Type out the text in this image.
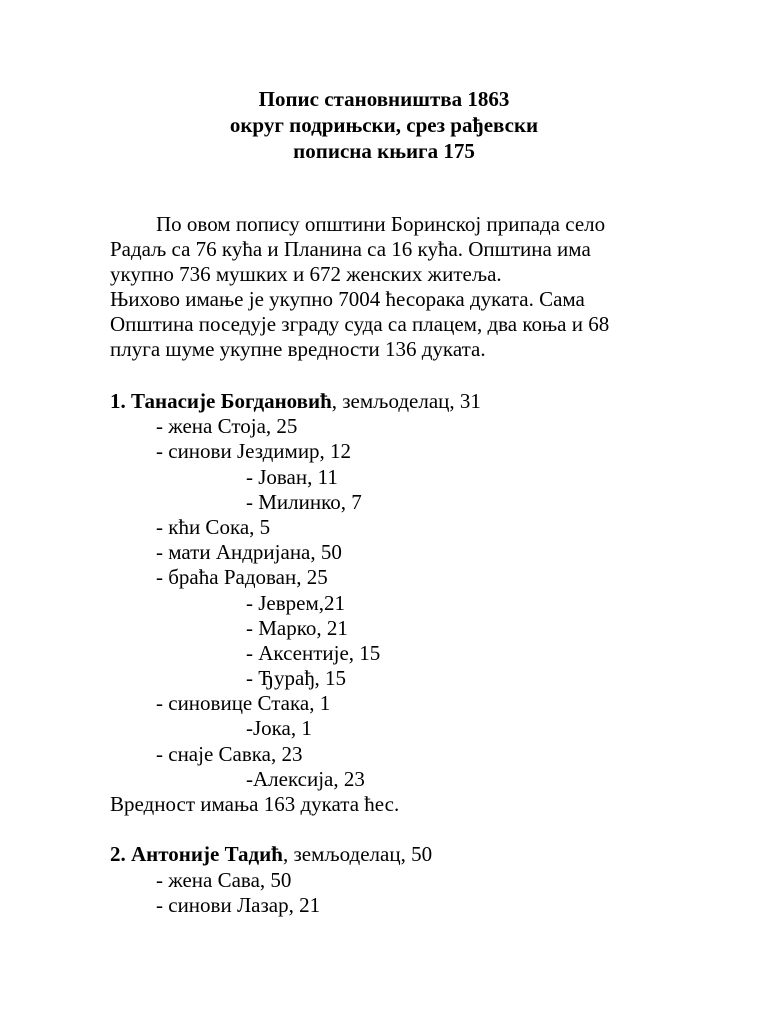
Попис становништва 1863
округ подрињски, срез рађевски
пописна књига 175
По овом попису општини Боринској припада село
Радаљ са 76 кућа и Планина са 16 кућа. Општина има
укупно 736 мушких и 672 женских житеља.
Њихово имање је укупно 7004 ћесорака дуката. Сама
Општина поседује зграду суда са плацем, два коња и 68
плуга шуме укупне вредности 136 дуката.
1. Танасије Богдановић, земљоделац, 31
- жена Стоја, 25
- синови Јездимир, 12
- Јован, 11
- Милинко, 7
- кћи Сока, 5
- мати Андријана, 50
- браћа Радован, 25
- Јеврем,21
- Марко, 21
- Аксентије, 15
- Ђурађ, 15
- синовице Стака, 1
-Јока, 1
- снаје Савка, 23
-Алексија, 23
Вредност имања 163 дуката ћес.
2. Антоније Тадић, земљоделац, 50
- жена Сава, 50
- синови Лазар, 21
